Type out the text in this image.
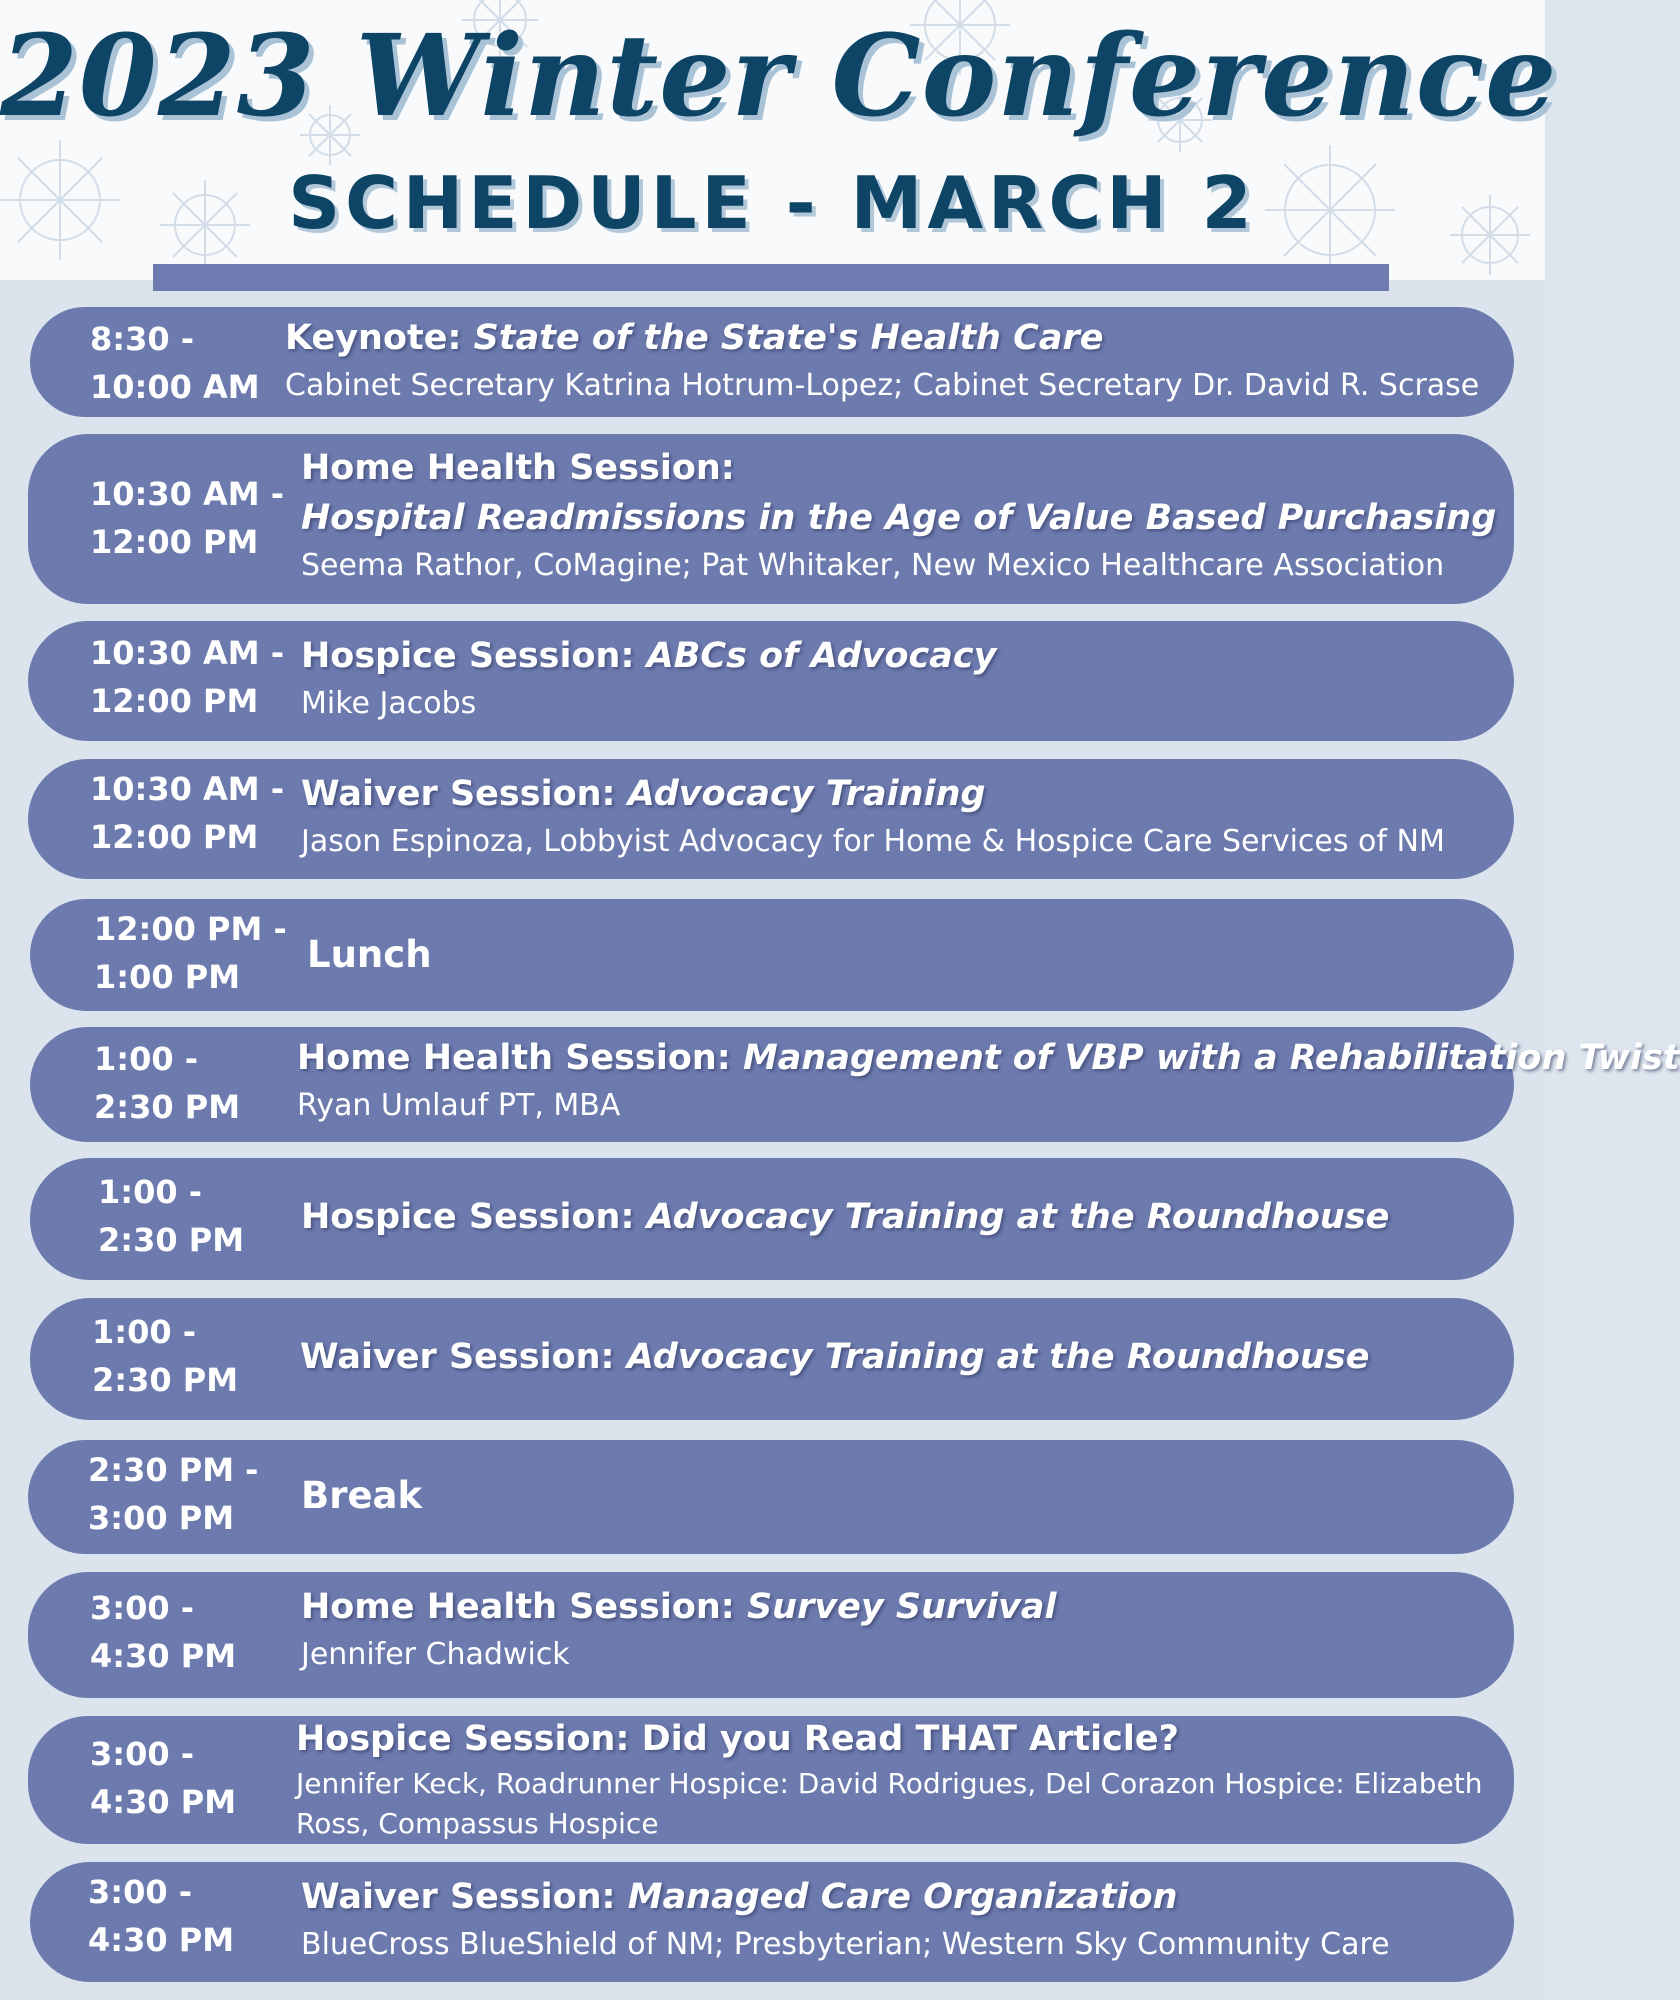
2023 Winter Conference
SCHEDULE - MARCH 2
8:30 -
10:00 AM
Keynote: State of the State's Health Care
Cabinet Secretary Katrina Hotrum-Lopez; Cabinet Secretary Dr. David R. Scrase
10:30 AM -
12:00 PM
Home Health Session:
Hospital Readmissions in the Age of Value Based Purchasing
Seema Rathor, CoMagine; Pat Whitaker, New Mexico Healthcare Association
10:30 AM -
12:00 PM
Hospice Session: ABCs of Advocacy
Mike Jacobs
10:30 AM -
12:00 PM
Waiver Session: Advocacy Training
Jason Espinoza, Lobbyist Advocacy for Home & Hospice Care Services of NM
12:00 PM -
1:00 PM
Lunch
1:00 -
2:30 PM
Home Health Session: Management of VBP with a Rehabilitation Twist
Ryan Umlauf PT, MBA
1:00 -
2:30 PM
Hospice Session: Advocacy Training at the Roundhouse
1:00 -
2:30 PM
Waiver Session: Advocacy Training at the Roundhouse
2:30 PM -
3:00 PM
Break
3:00 -
4:30 PM
Home Health Session: Survey Survival
Jennifer Chadwick
3:00 -
4:30 PM
Hospice Session: Did you Read THAT Article?
Jennifer Keck, Roadrunner Hospice: David Rodrigues, Del Corazon Hospice: Elizabeth Ross, Compassus Hospice
3:00 -
4:30 PM
Waiver Session: Managed Care Organization
BlueCross BlueShield of NM; Presbyterian; Western Sky Community Care
